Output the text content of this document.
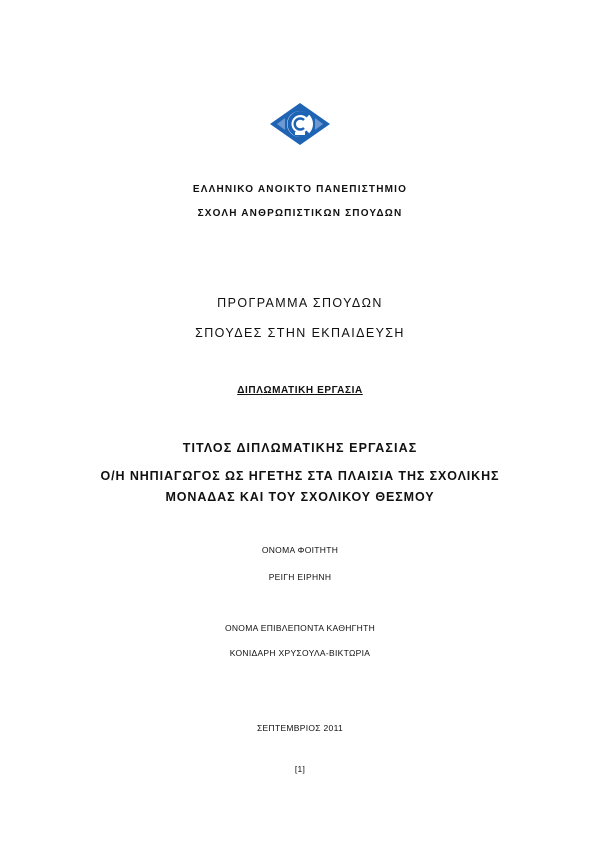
ΕΛΛΗΝΙΚΟ ΑΝΟΙΚΤΟ ΠΑΝΕΠΙΣΤΗΜΙΟ
ΣΧΟΛΗ ΑΝΘΡΩΠΙΣΤΙΚΩΝ ΣΠΟΥΔΩΝ
ΠΡΟΓΡΑΜΜΑ ΣΠΟΥΔΩΝ
ΣΠΟΥΔΕΣ ΣΤΗΝ ΕΚΠΑΙΔΕΥΣΗ
ΔΙΠΛΩΜΑΤΙΚΗ ΕΡΓΑΣΙΑ
ΤΙΤΛΟΣ ΔΙΠΛΩΜΑΤΙΚΗΣ ΕΡΓΑΣΙΑΣ
Ο/Η ΝΗΠΙΑΓΩΓΟΣ ΩΣ ΗΓΕΤΗΣ ΣΤΑ ΠΛΑΙΣΙΑ ΤΗΣ ΣΧΟΛΙΚΗΣ
ΜΟΝΑΔΑΣ ΚΑΙ ΤΟΥ ΣΧΟΛΙΚΟΥ ΘΕΣΜΟΥ
ΟΝΟΜΑ ΦΟΙΤΗΤΗ
ΡΕΙΓΗ ΕΙΡΗΝΗ
ΟΝΟΜΑ ΕΠΙΒΛΕΠΟΝΤΑ ΚΑΘΗΓΗΤΗ
ΚΟΝΙΔΑΡΗ ΧΡΥΣΟΥΛΑ-ΒΙΚΤΩΡΙΑ
ΣΕΠΤΕΜΒΡΙΟΣ 2011
[1]
